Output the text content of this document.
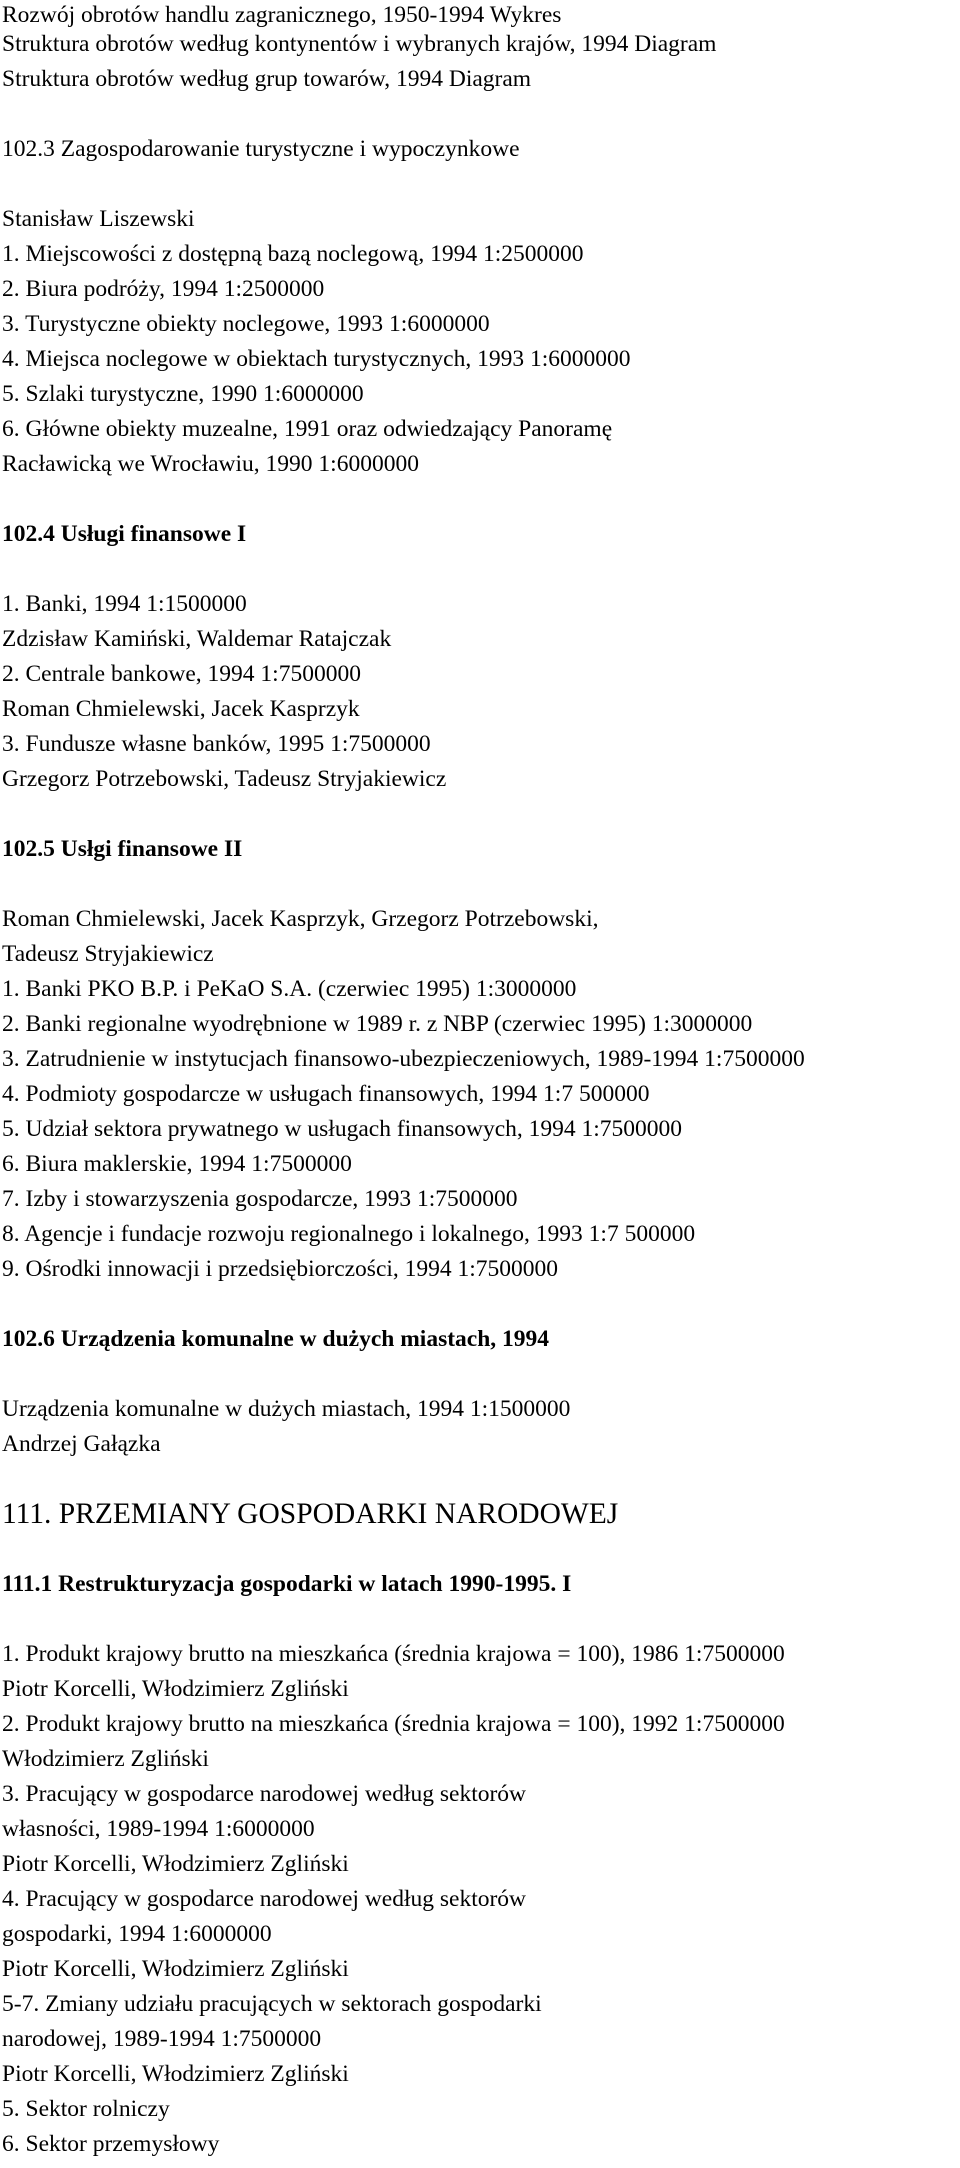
Rozwój obrotów handlu zagranicznego, 1950-1994 Wykres
Struktura obrotów według kontynentów i wybranych krajów, 1994 Diagram
Struktura obrotów według grup towarów, 1994 Diagram
102.3 Zagospodarowanie turystyczne i wypoczynkowe
Stanisław Liszewski
1. Miejscowości z dostępną bazą noclegową, 1994 1:2500000
2. Biura podróży, 1994 1:2500000
3. Turystyczne obiekty noclegowe, 1993 1:6000000
4. Miejsca noclegowe w obiektach turystycznych, 1993 1:6000000
5. Szlaki turystyczne, 1990 1:6000000
6. Główne obiekty muzealne, 1991 oraz odwiedzający Panoramę
Racławicką we Wrocławiu, 1990 1:6000000
102.4 Usługi finansowe I
1. Banki, 1994 1:1500000
Zdzisław Kamiński, Waldemar Ratajczak
2. Centrale bankowe, 1994 1:7500000
Roman Chmielewski, Jacek Kasprzyk
3. Fundusze własne banków, 1995 1:7500000
Grzegorz Potrzebowski, Tadeusz Stryjakiewicz
102.5 Usłgi finansowe II
Roman Chmielewski, Jacek Kasprzyk, Grzegorz Potrzebowski,
Tadeusz Stryjakiewicz
1. Banki PKO B.P. i PeKaO S.A. (czerwiec 1995) 1:3000000
2. Banki regionalne wyodrębnione w 1989 r. z NBP (czerwiec 1995) 1:3000000
3. Zatrudnienie w instytucjach finansowo-ubezpieczeniowych, 1989-1994 1:7500000
4. Podmioty gospodarcze w usługach finansowych, 1994 1:7 500000
5. Udział sektora prywatnego w usługach finansowych, 1994 1:7500000
6. Biura maklerskie, 1994 1:7500000
7. Izby i stowarzyszenia gospodarcze, 1993 1:7500000
8. Agencje i fundacje rozwoju regionalnego i lokalnego, 1993 1:7 500000
9. Ośrodki innowacji i przedsiębiorczości, 1994 1:7500000
102.6 Urządzenia komunalne w dużych miastach, 1994
Urządzenia komunalne w dużych miastach, 1994 1:1500000
Andrzej Gałązka
111. PRZEMIANY GOSPODARKI NARODOWEJ
111.1 Restrukturyzacja gospodarki w latach 1990-1995. I
1. Produkt krajowy brutto na mieszkańca (średnia krajowa = 100), 1986 1:7500000
Piotr Korcelli, Włodzimierz Zgliński
2. Produkt krajowy brutto na mieszkańca (średnia krajowa = 100), 1992 1:7500000
Włodzimierz Zgliński
3. Pracujący w gospodarce narodowej według sektorów
własności, 1989-1994 1:6000000
Piotr Korcelli, Włodzimierz Zgliński
4. Pracujący w gospodarce narodowej według sektorów
gospodarki, 1994 1:6000000
Piotr Korcelli, Włodzimierz Zgliński
5-7. Zmiany udziału pracujących w sektorach gospodarki
narodowej, 1989-1994 1:7500000
Piotr Korcelli, Włodzimierz Zgliński
5. Sektor rolniczy
6. Sektor przemysłowy
